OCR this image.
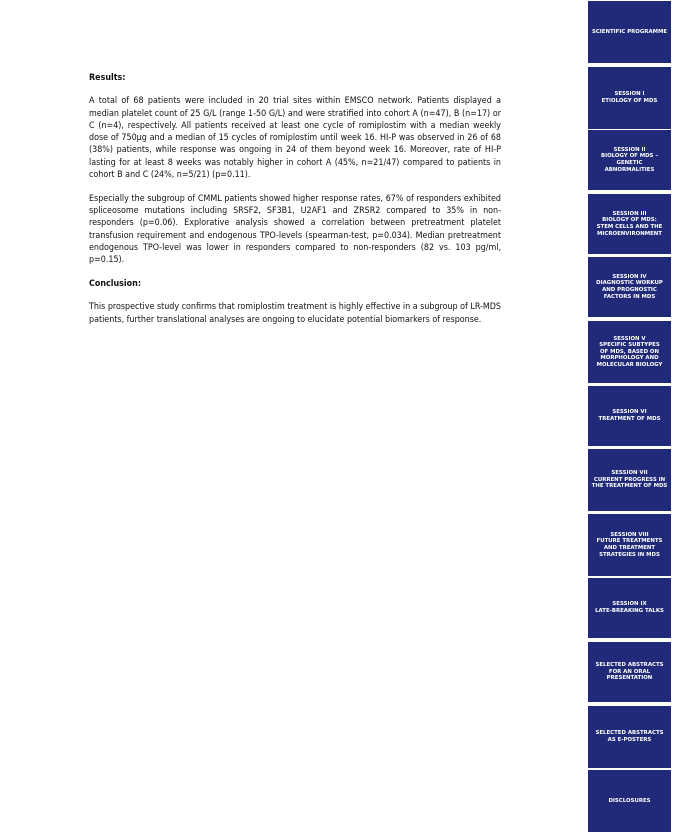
Results:

A total of 68 patients were included in 20 trial sites within EMSCO network. Patients displayed a median platelet count of 25 G/L (range 1-50 G/L) and were stratified into cohort A (n=47), B (n=17) or C (n=4), respectively. All patients received at least one cycle of romiplostim with a median weekly dose of 750µg and a median of 15 cycles of romiplostim until week 16. HI-P was observed in 26 of 68 (38%) patients, while response was ongoing in 24 of them beyond week 16. Moreover, rate of HI-P lasting for at least 8 weeks was notably higher in cohort A (45%, n=21/47) compared to patients in cohort B and C (24%, n=5/21) (p=0.11).

Especially the subgroup of CMML patients showed higher response rates, 67% of responders exhibited spliceosome mutations including SRSF2, SF3B1, U2AF1 and ZRSR2 compared to 35% in non-responders (p=0.06). Explorative analysis showed a correlation between pretreatment platelet transfusion requirement and endogenous TPO-levels (spearman-test, p=0.034). Median pretreatment endogenous TPO-level was lower in responders compared to non-responders (82 vs. 103 pg/ml, p=0.15).

Conclusion:

This prospective study confirms that romiplostim treatment is highly effective in a subgroup of LR-MDS patients, further translational analyses are ongoing to elucidate potential biomarkers of response.

SCIENTIFIC PROGRAMME
SESSION I
ETIOLOGY OF MDS
SESSION II
BIOLOGY OF MDS –
GENETIC ABNORMALITIES
SESSION III
BIOLOGY OF MDS:
STEM CELLS AND THE
MICROENVIRONMENT
SESSION IV
DIAGNOSTIC WORKUP
AND PROGNOSTIC
FACTORS IN MDS
SESSION V
SPECIFIC SUBTYPES
OF MDS, BASED ON
MORPHOLOGY AND
MOLECULAR BIOLOGY
SESSION VI
TREATMENT OF MDS
SESSION VII
CURRENT PROGRESS IN
THE TREATMENT OF MDS
SESSION VIII
FUTURE TREATMENTS
AND TREATMENT
STRATEGIES IN MDS
SESSION IX
LATE-BREAKING TALKS
SELECTED ABSTRACTS
FOR AN ORAL
PRESENTATION
SELECTED ABSTRACTS
AS E-POSTERS
DISCLOSURES
